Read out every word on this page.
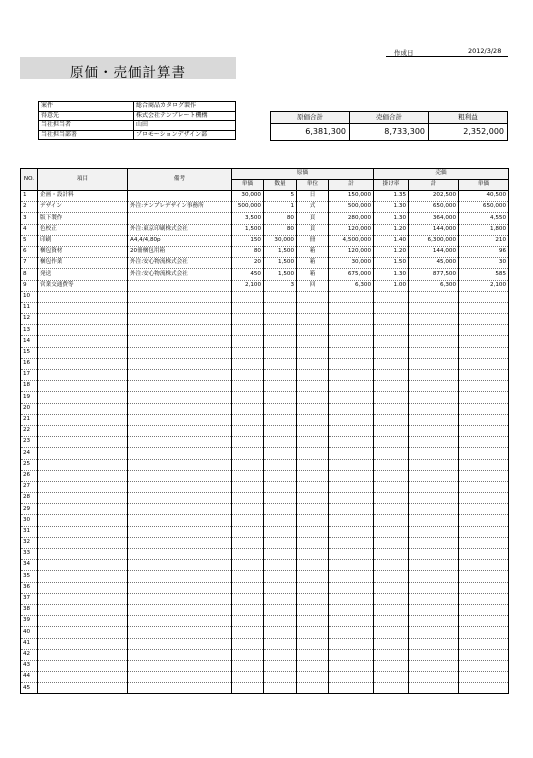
作成日	2012/3/28
原価・売価計算書
案件	総合商品カタログ製作
得意先	株式会社テンプレート機構
当社担当者	山田
当社担当部署	プロモーションデザイン部
原価合計	売価合計	粗利益
6,381,300	8,733,300	2,352,000
NO.	項目	備考	原価				売価		
			単価	数量	単位	計	掛け率	計	単価
1	企画・設計料		30,000	5	日	150,000	1.35	202,500	40,500
2	デザイン	外注:テンプレデザイン事務所	500,000	1	式	500,000	1.30	650,000	650,000
3	版下製作		3,500	80	頁	280,000	1.30	364,000	4,550
4	色校正	外注:東京印刷株式会社	1,500	80	頁	120,000	1.20	144,000	1,800
5	印刷	A4,4/4,80p	150	30,000	冊	4,500,000	1.40	6,300,000	210
6	梱包資材	20冊梱包用箱	80	1,500	箱	120,000	1.20	144,000	96
7	梱包作業	外注:安心物流株式会社	20	1,500	箱	30,000	1.50	45,000	30
8	発送	外注:安心物流株式会社	450	1,500	箱	675,000	1.30	877,500	585
9	営業交通費等		2,100	3	回	6,300	1.00	6,300	2,100
10									
11									
12									
13									
14									
15									
16									
17									
18									
19									
20									
21									
22									
23									
24									
25									
26									
27									
28									
29									
30									
31									
32									
33									
34									
35									
36									
37									
38									
39									
40									
41									
42									
43									
44									
45									
